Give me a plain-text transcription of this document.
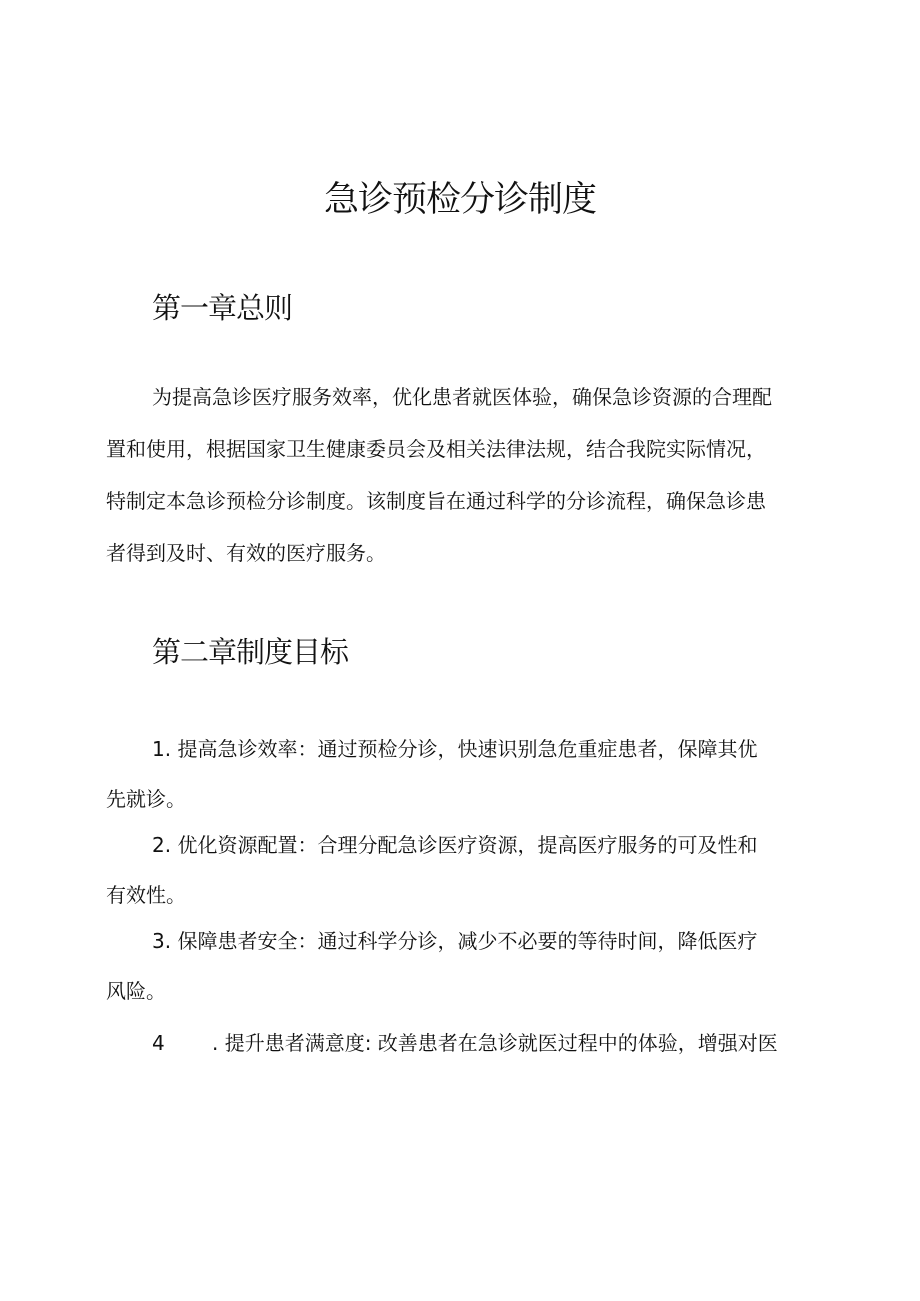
急诊预检分诊制度
第一章总则
为提高急诊医疗服务效率，优化患者就医体验，确保急诊资源的合理配
置和使用，根据国家卫生健康委员会及相关法律法规，结合我院实际情况，
特制定本急诊预检分诊制度。该制度旨在通过科学的分诊流程，确保急诊患
者得到及时、有效的医疗服务。
第二章制度目标
1. 提高急诊效率：通过预检分诊，快速识别急危重症患者，保障其优
先就诊。
2. 优化资源配置：合理分配急诊医疗资源，提高医疗服务的可及性和
有效性。
3. 保障患者安全：通过科学分诊，减少不必要的等待时间，降低医疗
风险。
4 . 提升患者满意度: 改善患者在急诊就医过程中的体验，增强对医
